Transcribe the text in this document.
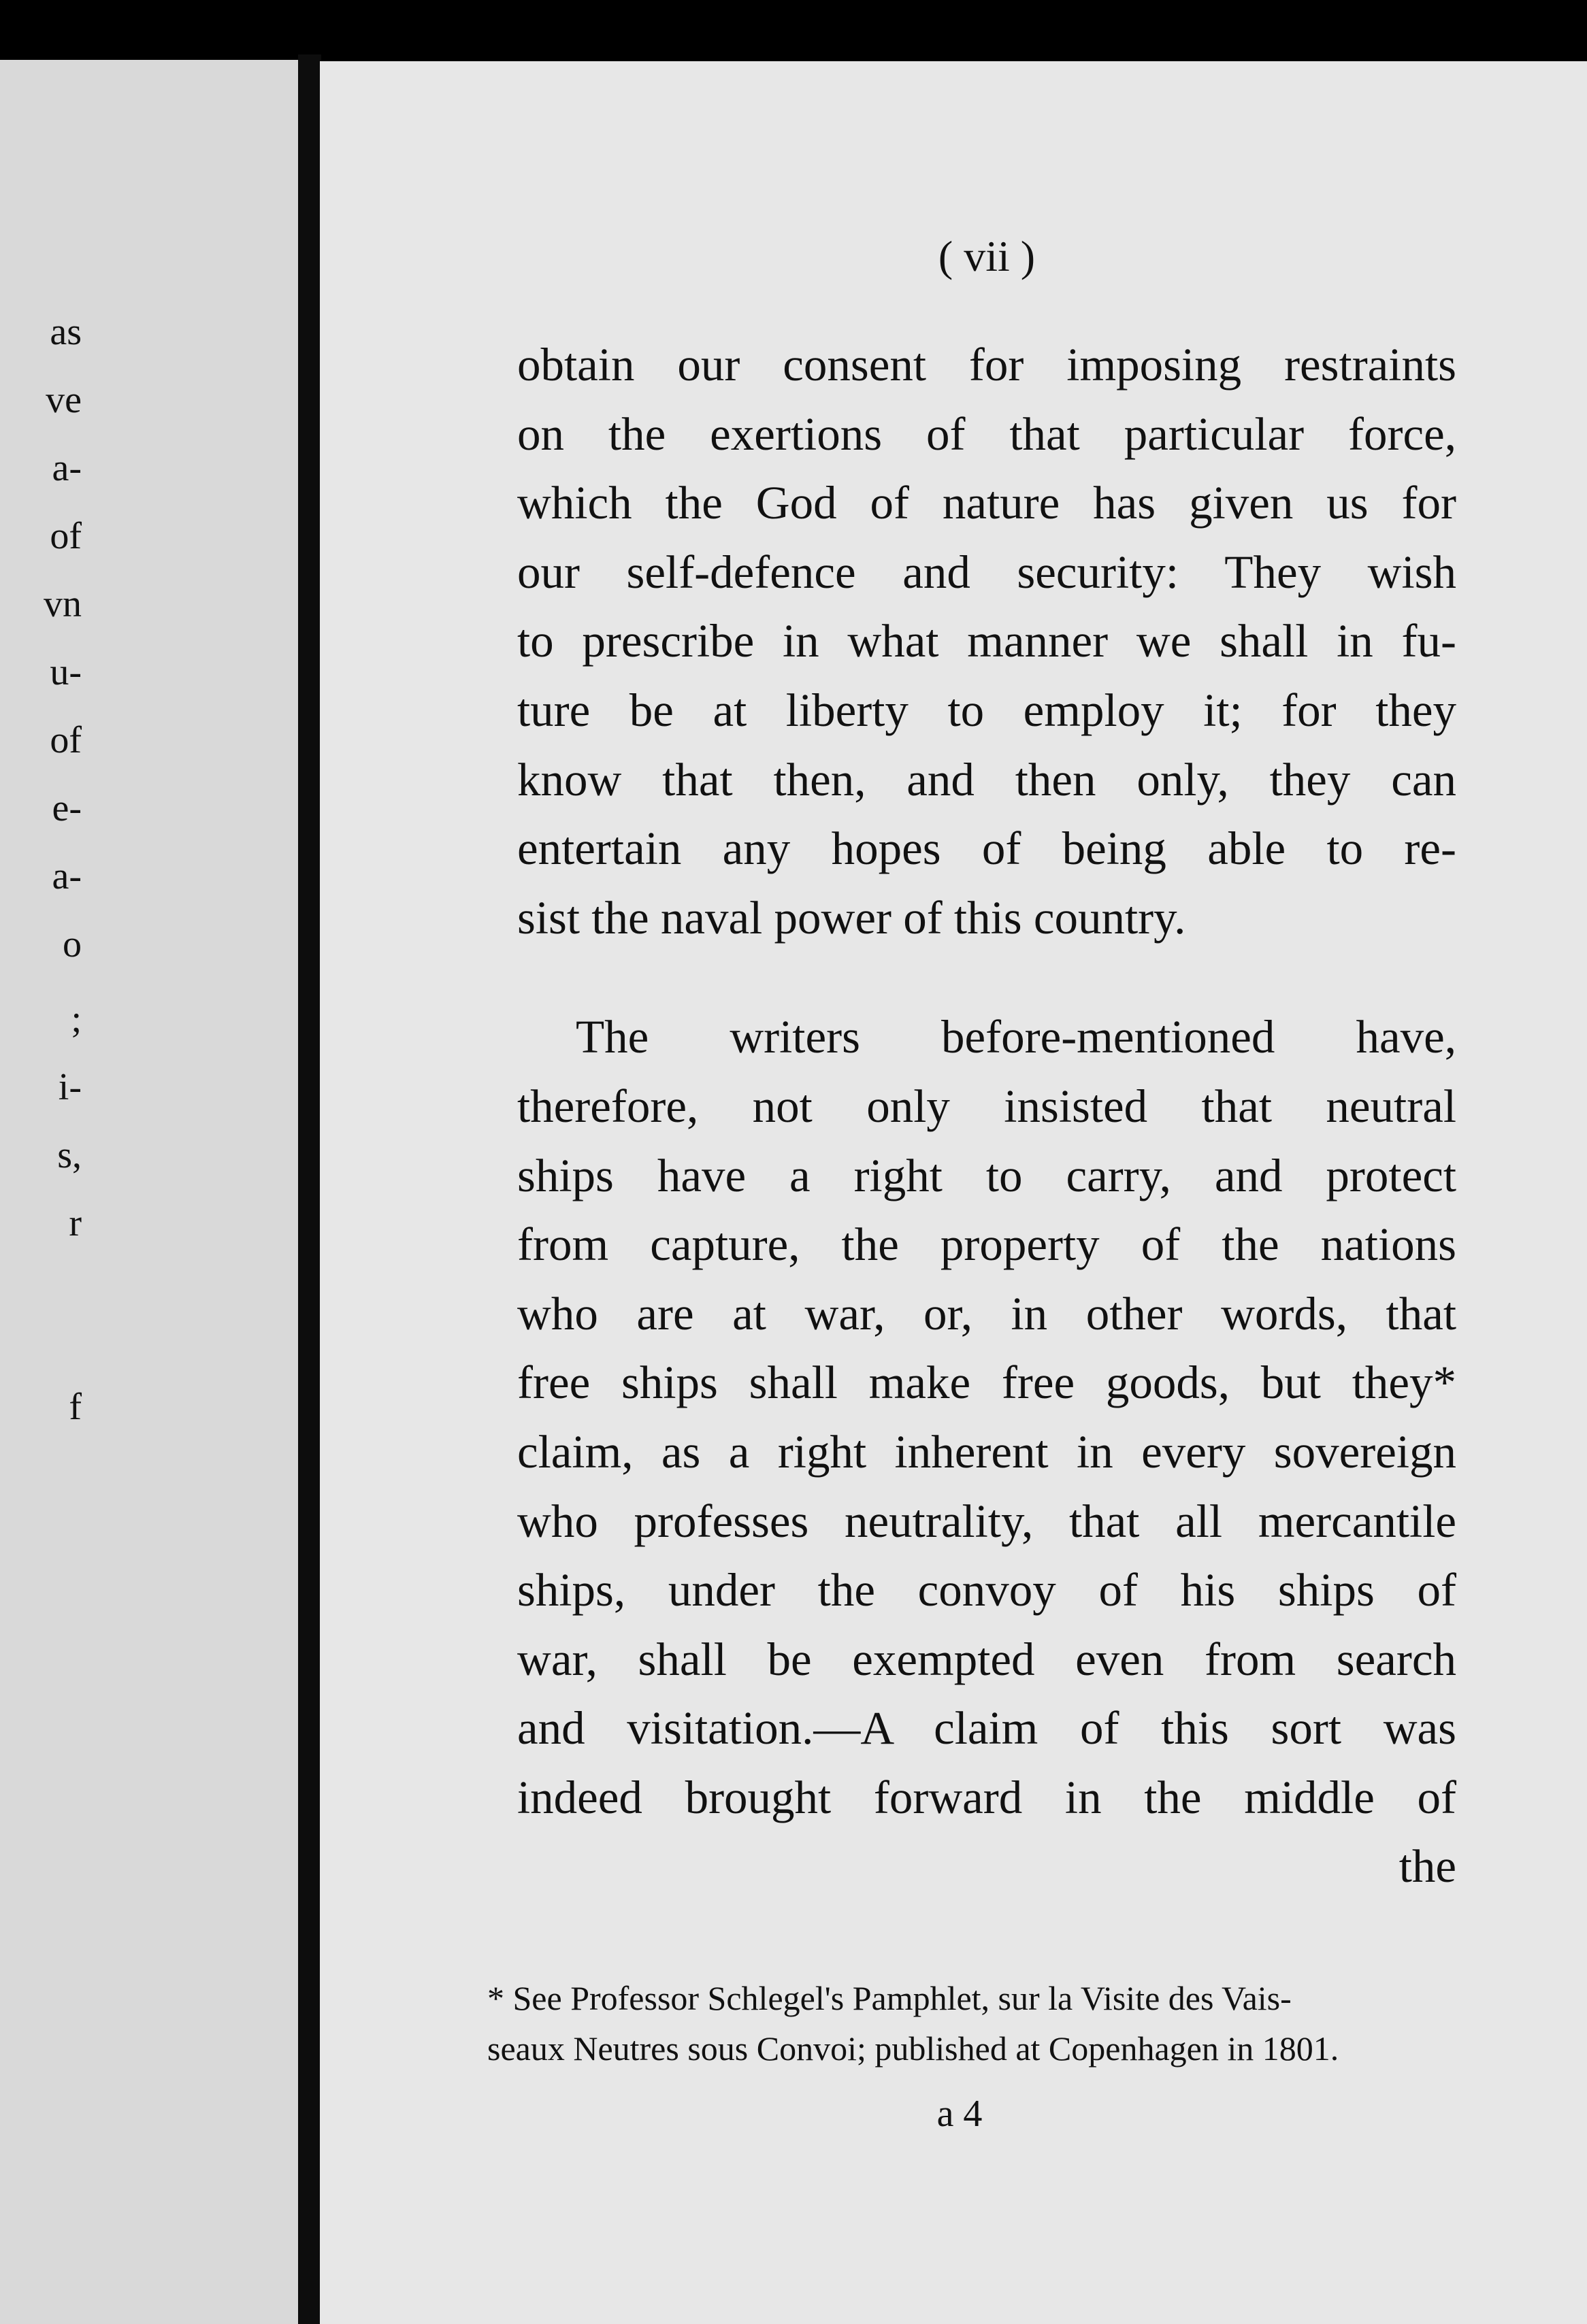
as
ve
a-
of
vn
u-
of
e-
a-
o
;
i-
s,
r
f
( vii )
obtain our consent for imposing restraints
on the exertions of that particular force,
which the God of nature has given us for
our self-defence and security: They wish
to prescribe in what manner we shall in fu-
ture be at liberty to employ it; for they
know that then, and then only, they can
entertain any hopes of being able to re-
sist the naval power of this country.
The writers before-mentioned have,
therefore, not only insisted that neutral
ships have a right to carry, and protect
from capture, the property of the nations
who are at war, or, in other words, that
free ships shall make free goods, but they*
claim, as a right inherent in every sovereign
who professes neutrality, that all mercantile
ships, under the convoy of his ships of
war, shall be exempted even from search
and visitation.—A claim of this sort was
indeed brought forward in the middle of
the
* See Professor Schlegel's Pamphlet, sur la Visite des Vais-
seaux Neutres sous Convoi; published at Copenhagen in 1801.
a 4
